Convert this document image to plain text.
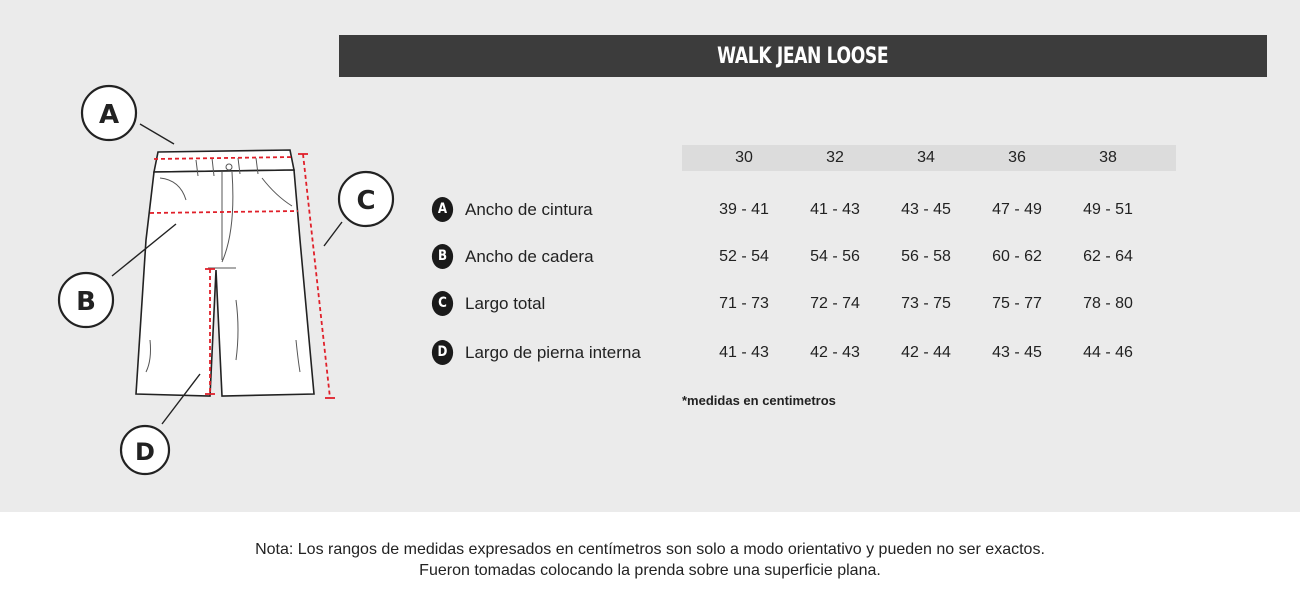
WALK JEAN LOOSE
A
B
C
D
30	32	34	36	38
A	Ancho de cintura	39 - 41	41 - 43	43 - 45	47 - 49	49 - 51
B	Ancho de cadera	52 - 54	54 - 56	56 - 58	60 - 62	62 - 64
C	Largo total	71 - 73	72 - 74	73 - 75	75 - 77	78 - 80
D	Largo de pierna interna	41 - 43	42 - 43	42 - 44	43 - 45	44 - 46
*medidas en centimetros
Nota: Los rangos de medidas expresados en centímetros son solo a modo orientativo y pueden no ser exactos.
Fueron tomadas colocando la prenda sobre una superficie plana.
